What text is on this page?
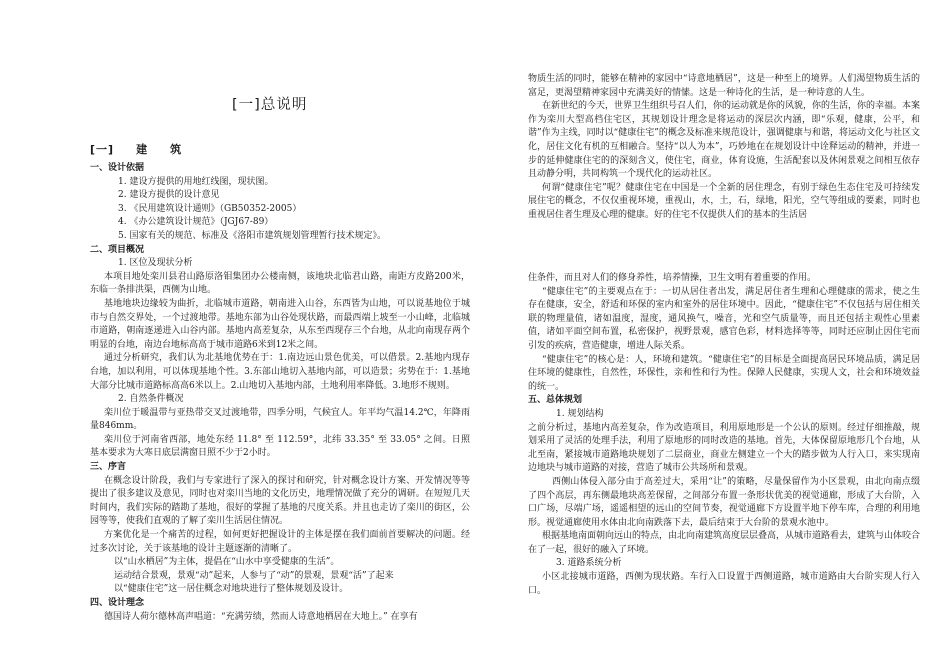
[一]总说明
[一] 建 筑
一、设计依据
1. 建设方提供的用地红线图，现状图。
2. 建设方提供的设计意见
3. 《民用建筑设计通则》（GB50352-2005）
4. 《办公建筑设计规范》（JGJ67-89）
5. 国家有关的规范、标准及《洛阳市建筑规划管理暂行技术规定》。
二、项目概况
1. 区位及现状分析

本项目地处栾川县君山路原洛钼集团办公楼南侧，该地块北临君山路，南距方皮路200米，东临一条排洪渠，西侧为山地。

基地地块边缘较为曲折，北临城市道路，朝南进入山谷，东西皆为山地，可以说基地位于城市与自然交界处，一个过渡地带。基地东部为山谷处现状路，而最西端上坡至一小山峰，北临城市道路，朝南逐递进入山谷内部。基地内高差复杂，从东至西现存三个台地，从北向南现存两个明显的台地，南边台地标高高于城市道路6米到12米之间。

通过分析研究，我们认为北基地优势在于：1.南边远山景色优美，可以借景。2.基地内现存台地，加以利用，可以体现基地个性。3.东部山地切入基地内部，可以造景；劣势在于：1.基地大部分比城市道路标高高6米以上。2.山地切入基地内部，土地利用率降低。3.地形不规则。

2. 自然条件概况

栾川位于暖温带与亚热带交叉过渡地带，四季分明，气候宜人。年平均气温14.2℃，年降雨量846mm。

栾川位于河南省西部，地处东经 11.8° 至 112.59°，北纬 33.35° 至 33.05° 之间。日照基本要求为大寒日底层满窗日照不少于2小时。

三、序言

在概念设计阶段，我们与专家进行了深入的探讨和研究，针对概念设计方案、开发情况等等提出了很多建议及意见，同时也对栾川当地的文化历史，地理情况做了充分的调研。在短短几天时间内，我们实际的踏勘了基地，很好的掌握了基地的尺度关系。并且也走访了栾川的街区，公园等等，使我们直观的了解了栾川生活居住情况。

方案优化是一个痛苦的过程，如何更好把握设计的主体是摆在我们面前首要解决的问题。经过多次讨论，关于该基地的设计主题逐渐的清晰了。

以“山水栖居”为主体，提倡在“山水中享受健康的生活”。

运动结合景观，景观“动”起来，人参与了“动”的景观，景观“活”了起来

以“健康住宅”这一居住概念对地块进行了整体规划及设计。

四、设计理念

德国诗人荷尔德林高声唱道：“充满劳绩，然而人诗意地栖居在大地上。” 在享有

物质生活的同时，能够在精神的家园中“诗意地栖居”，这是一种至上的境界。人们渴望物质生活的富足，更渴望精神家园中充满美好的情愫。这是一种诗化的生活，是一种诗意的人生。

在新世纪的今天，世界卫生组织号召人们，你的运动就是你的风貌，你的生活，你的幸福。本案作为栾川大型高档住宅区，其规划设计理念是将运动的深层次内涵，即“乐观，健康，公平，和谐”作为主线，同时以“健康住宅”的概念及标准来规范设计，强调健康与和谐，将运动文化与社区文化，居住文化有机的互相融合。坚持“以人为本”，巧妙地在在规划设计中诠释运动的精神，并进一步的延伸健康住宅的的深刻含义，使住宅，商业，体育设施，生活配套以及休闲景观之间相互依存且动静分明，共同构筑一个现代化的运动社区。

何谓“健康住宅”呢？健康住宅在中国是一个全新的居住理念，有别于绿色生态住宅及可持续发展住宅的概念，不仅仅重视环境，重视山，水，土，石，绿地，阳光，空气等组成的要素，同时也重视居住者生理及心理的健康。好的住宅不仅提供人们的基本的生活居

住条件，而且对人们的修身养性，培养情操，卫生文明有着重要的作用。

“健康住宅”的主要观点在于：一切从居住者出发，满足居住者生理和心理健康的需求，使之生存在健康，安全，舒适和环保的室内和室外的居住环境中。因此，“健康住宅”不仅包括与居住相关联的物理量值，诸如温度，湿度，通风换气，噪音，光和空气质量等，而且还包括主观性心里素值，诸如平面空间布置，私密保护，视野景观，感官色彩，材料选择等等，同时还应制止因住宅而引发的疾病，营造健康，增进人际关系。

“健康住宅”的核心是：人，环境和建筑。“健康住宅”的目标是全面提高居民环境品质，满足居住环境的健康性，自然性，环保性，亲和性和行为性。保障人民健康，实现人文，社会和环境效益的统一。

五、总体规划
1. 规划结构

之前分析过，基地内高差复杂，作为改造项目，利用原地形是一个公认的原则。经过仔细推敲，规划采用了灵活的处理手法，利用了原地形的同时改造的基地。首先，大体保留原地形几个台地，从北至南，紧接城市道路地块规划了二层商业，商业左侧建立一个大的踏步做为人行入口，来实现南边地块与城市道路的对接，营造了城市公共场所和景观。

西侧山体侵入部分由于高差过大，采用“让”的策略，尽量保留作为小区景观，由北向南点缀了四个高层，再东侧最地块高差保留，之间部分布置一条形状优美的视觉通廊，形成了大台阶，入口广场，尽端广场，遥遥相望的远山的空间节奏，视觉通廊下方设置半地下停车库，合理的利用地形。视觉通廊使用水体由北向南跌落下去，最后结束于大台阶的景观水池中。

根据基地南面朝向远山的特点，由北向南建筑高度层层叠高，从城市道路看去，建筑与山体咬合在了一起，很好的融入了环境。

3. 道路系统分析

小区北接城市道路，西侧为现状路。车行入口设置于西侧道路，城市道路由大台阶实现人行入口。
